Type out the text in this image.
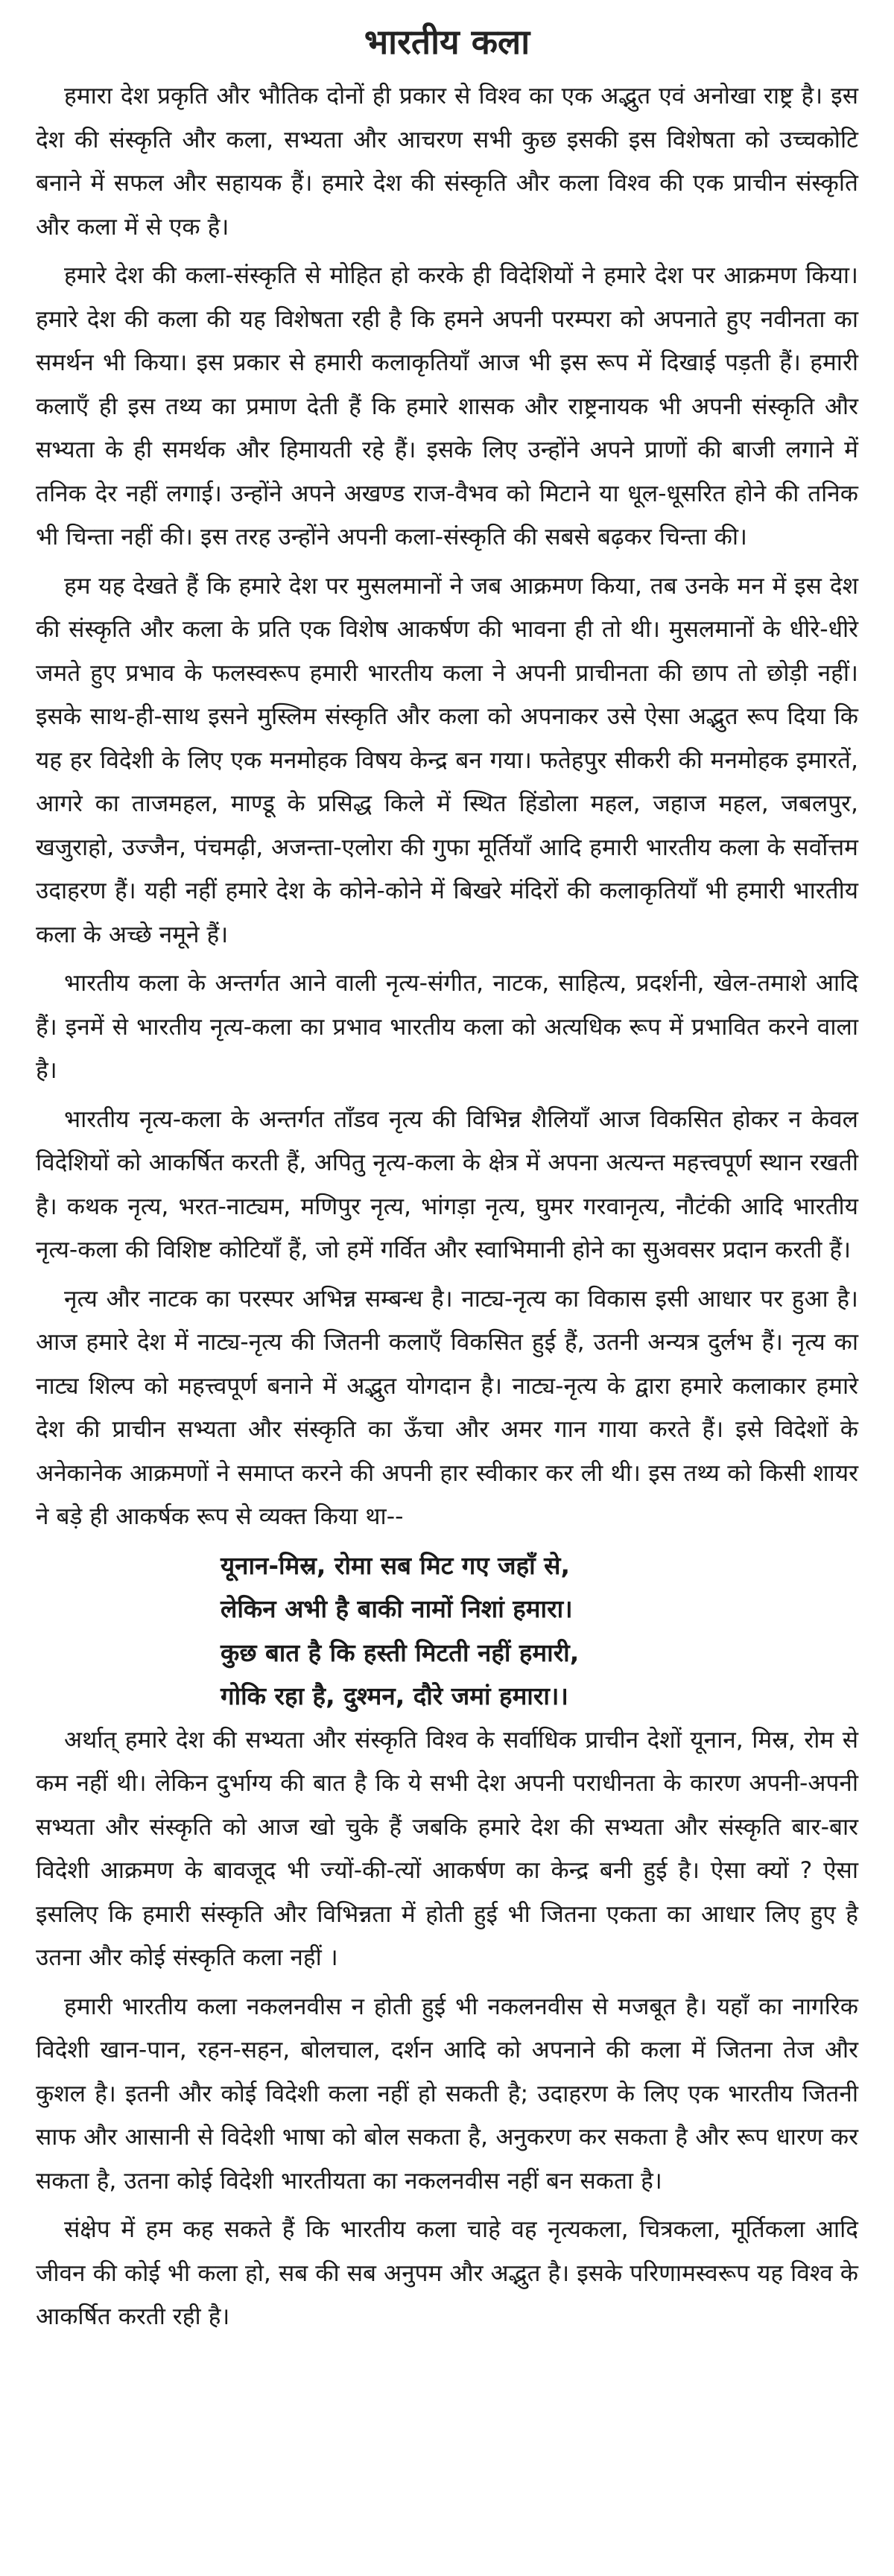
भारतीय कला

हमारा देश प्रकृति और भौतिक दोनों ही प्रकार से विश्व का एक अद्भुत एवं अनोखा राष्ट्र है। इस देश की संस्कृति और कला, सभ्यता और आचरण सभी कुछ इसकी इस विशेषता को उच्चकोटि बनाने में सफल और सहायक हैं। हमारे देश की संस्कृति और कला विश्व की एक प्राचीन संस्कृति और कला में से एक है।

हमारे देश की कला-संस्कृति से मोहित हो करके ही विदेशियों ने हमारे देश पर आक्रमण किया। हमारे देश की कला की यह विशेषता रही है कि हमने अपनी परम्परा को अपनाते हुए नवीनता का समर्थन भी किया। इस प्रकार से हमारी कलाकृतियाँ आज भी इस रूप में दिखाई पड़ती हैं। हमारी कलाएँ ही इस तथ्य का प्रमाण देती हैं कि हमारे शासक और राष्ट्रनायक भी अपनी संस्कृति और सभ्यता के ही समर्थक और हिमायती रहे हैं। इसके लिए उन्होंने अपने प्राणों की बाजी लगाने में तनिक देर नहीं लगाई। उन्होंने अपने अखण्ड राज-वैभव को मिटाने या धूल-धूसरित होने की तनिक भी चिन्ता नहीं की। इस तरह उन्होंने अपनी कला-संस्कृति की सबसे बढ़कर चिन्ता की।

हम यह देखते हैं कि हमारे देश पर मुसलमानों ने जब आक्रमण किया, तब उनके मन में इस देश की संस्कृति और कला के प्रति एक विशेष आकर्षण की भावना ही तो थी। मुसलमानों के धीरे-धीरे जमते हुए प्रभाव के फलस्वरूप हमारी भारतीय कला ने अपनी प्राचीनता की छाप तो छोड़ी नहीं। इसके साथ-ही-साथ इसने मुस्लिम संस्कृति और कला को अपनाकर उसे ऐसा अद्भुत रूप दिया कि यह हर विदेशी के लिए एक मनमोहक विषय केन्द्र बन गया। फतेहपुर सीकरी की मनमोहक इमारतें, आगरे का ताजमहल, माण्डू के प्रसिद्ध किले में स्थित हिंडोला महल, जहाज महल, जबलपुर, खजुराहो, उज्जैन, पंचमढ़ी, अजन्ता-एलोरा की गुफा मूर्तियाँ आदि हमारी भारतीय कला के सर्वोत्तम उदाहरण हैं। यही नहीं हमारे देश के कोने-कोने में बिखरे मंदिरों की कलाकृतियाँ भी हमारी भारतीय कला के अच्छे नमूने हैं।

भारतीय कला के अन्तर्गत आने वाली नृत्य-संगीत, नाटक, साहित्य, प्रदर्शनी, खेल-तमाशे आदि हैं। इनमें से भारतीय नृत्य-कला का प्रभाव भारतीय कला को अत्यधिक रूप में प्रभावित करने वाला है।

भारतीय नृत्य-कला के अन्तर्गत ताँडव नृत्य की विभिन्न शैलियाँ आज विकसित होकर न केवल विदेशियों को आकर्षित करती हैं, अपितु नृत्य-कला के क्षेत्र में अपना अत्यन्त महत्त्वपूर्ण स्थान रखती है। कथक नृत्य, भरत-नाट्यम, मणिपुर नृत्य, भांगड़ा नृत्य, घुमर गरवानृत्य, नौटंकी आदि भारतीय नृत्य-कला की विशिष्ट कोटियाँ हैं, जो हमें गर्वित और स्वाभिमानी होने का सुअवसर प्रदान करती हैं।

नृत्य और नाटक का परस्पर अभिन्न सम्बन्ध है। नाट्य-नृत्य का विकास इसी आधार पर हुआ है। आज हमारे देश में नाट्य-नृत्य की जितनी कलाएँ विकसित हुई हैं, उतनी अन्यत्र दुर्लभ हैं। नृत्य का नाट्य शिल्प को महत्त्वपूर्ण बनाने में अद्भुत योगदान है। नाट्य-नृत्य के द्वारा हमारे कलाकार हमारे देश की प्राचीन सभ्यता और संस्कृति का ऊँचा और अमर गान गाया करते हैं। इसे विदेशों के अनेकानेक आक्रमणों ने समाप्त करने की अपनी हार स्वीकार कर ली थी। इस तथ्य को किसी शायर ने बड़े ही आकर्षक रूप से व्यक्त किया था--

यूनान-मिस्र, रोमा सब मिट गए जहाँ से,
लेकिन अभी है बाकी नामों निशां हमारा।
कुछ बात है कि हस्ती मिटती नहीं हमारी,
गोकि रहा है, दुश्मन, दौरे जमां हमारा।।

अर्थात् हमारे देश की सभ्यता और संस्कृति विश्व के सर्वाधिक प्राचीन देशों यूनान, मिस्र, रोम से कम नहीं थी। लेकिन दुर्भाग्य की बात है कि ये सभी देश अपनी पराधीनता के कारण अपनी-अपनी सभ्यता और संस्कृति को आज खो चुके हैं जबकि हमारे देश की सभ्यता और संस्कृति बार-बार विदेशी आक्रमण के बावजूद भी ज्यों-की-त्यों आकर्षण का केन्द्र बनी हुई है। ऐसा क्यों ? ऐसा इसलिए कि हमारी संस्कृति और विभिन्नता में होती हुई भी जितना एकता का आधार लिए हुए है उतना और कोई संस्कृति कला नहीं ।

हमारी भारतीय कला नकलनवीस न होती हुई भी नकलनवीस से मजबूत है। यहाँ का नागरिक विदेशी खान-पान, रहन-सहन, बोलचाल, दर्शन आदि को अपनाने की कला में जितना तेज और कुशल है। इतनी और कोई विदेशी कला नहीं हो सकती है; उदाहरण के लिए एक भारतीय जितनी साफ और आसानी से विदेशी भाषा को बोल सकता है, अनुकरण कर सकता है और रूप धारण कर सकता है, उतना कोई विदेशी भारतीयता का नकलनवीस नहीं बन सकता है।

संक्षेप में हम कह सकते हैं कि भारतीय कला चाहे वह नृत्यकला, चित्रकला, मूर्तिकला आदि जीवन की कोई भी कला हो, सब की सब अनुपम और अद्भुत है। इसके परिणामस्वरूप यह विश्व के आकर्षित करती रही है।
